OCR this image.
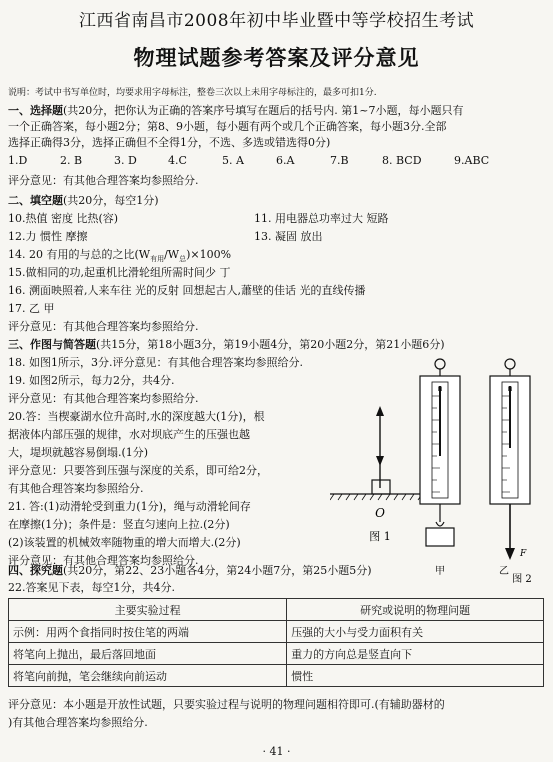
江西省南昌市2008年初中毕业暨中等学校招生考试
物理试题参考答案及评分意见
说明：考试中书写单位时，均要求用字母标注，整卷三次以上未用字母标注的，最多可扣1分.
一、选择题(共20分，把你认为正确的答案序号填写在题后的括号内. 第1~7小题，每小题只有
一个正确答案，每小题2分；第8、9小题，每小题有两个或几个正确答案，每小题3分.全部
选择正确得3分，选择正确但不全得1分，不选、多选或错选得0分)
1.D	2. B	3. D	4.C	5. A	6.A	7.B	8. BCD	9.ABC
评分意见：有其他合理答案均参照给分.
二、填空题(共20分，每空1分)
10.热值 密度 比热(容)	11. 用电器总功率过大 短路
12.力 惯性 摩擦	13. 凝固 放出
14. 20 有用的与总的之比$(W_{有用}/W_总)\times 100\%$
15.做相同的功,起重机比滑轮组所需时间少 丁
16. 溯面映照着,人来车往 光的反射 回想起古人,蕭壁的佳话 光的直线传播
17. 乙 甲
评分意见：有其他合理答案均参照给分.
三、作图与简答题(共15分，第18小题3分，第19小题4分，第20小题2分，第21小题6分)
18. 如图1所示，3分.评分意见：有其他合理答案均参照给分.
19. 如图2所示，每力2分，共4分.
评分意见：有其他合理答案均参照给分.
20.答：当楔豪湖水位升高时,水的深度越大(1分)，根
据液体内部压强的规律，水对坝底产生的压强也越
大，堤坝就越容易倒塌.(1分)
评分意见：只要答到压强与深度的关系，即可给2分，
有其他合理答案均参照给分.
21. 答:(1)动滑轮受到重力(1分)，绳与动滑轮间存
在摩擦(1分)；条件是：竖直匀速向上拉.(2分)
(2)该装置的机械效率随物重的增大而增大.(2分)
评分意见：有其他合理答案均参照给分.
O
图 1
N
甲
N
F
乙
图 2
四、探究题(共20分，第22、23小题各4分，第24小题7分，第25小题5分)
22.答案见下表，每空1分，共4分.
主要实验过程	研究或说明的物理问题
示例：用两个食指同时按住笔的两端	压强的大小与受力面积有关
将笔向上抛出，最后落回地面	重力的方向总是竖直向下
将笔向前抛，笔会继续向前运动	惯性
评分意见：本小题是开放性试题，只要实验过程与说明的物理问题相符即可.(有辅助器材的
)有其他合理答案均参照给分.
· 41 ·
